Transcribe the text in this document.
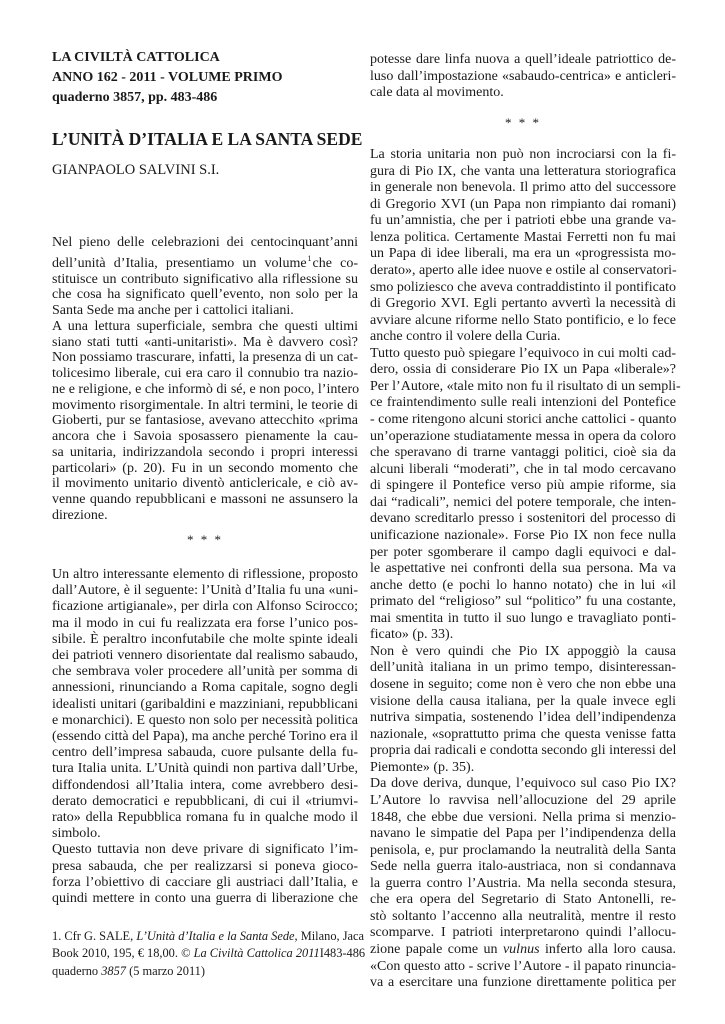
LA CIVILTÀ CATTOLICA
ANNO 162 - 2011 - VOLUME PRIMO
quaderno 3857, pp. 483-486
L’UNITÀ D’ITALIA E LA SANTA SEDE
GIANPAOLO SALVINI S.I.
Nel pieno delle celebrazioni dei centocinquant’anni
dell’unità d’Italia, presentiamo un volume$^1$che co-
stituisce un contributo significativo alla riflessione su
che cosa ha significato quell’evento, non solo per la
Santa Sede ma anche per i cattolici italiani.
A una lettura superficiale, sembra che questi ultimi
siano stati tutti «anti-unitaristi». Ma è davvero così?
Non possiamo trascurare, infatti, la presenza di un cat-
tolicesimo liberale, cui era caro il connubio tra nazio-
ne e religione, e che informò di sé, e non poco, l’intero
movimento risorgimentale. In altri termini, le teorie di
Gioberti, pur se fantasiose, avevano attecchito «prima
ancora che i Savoia sposassero pienamente la cau-
sa unitaria, indirizzandola secondo i propri interessi
particolari» (p. 20). Fu in un secondo momento che
il movimento unitario diventò anticlericale, e ciò av-
venne quando repubblicani e massoni ne assunsero la
direzione.
* * *
Un altro interessante elemento di riflessione, proposto
dall’Autore, è il seguente: l’Unità d’Italia fu una «uni-
ficazione artigianale», per dirla con Alfonso Scirocco;
ma il modo in cui fu realizzata era forse l’unico pos-
sibile. È peraltro inconfutabile che molte spinte ideali
dei patrioti vennero disorientate dal realismo sabaudo,
che sembrava voler procedere all’unità per somma di
annessioni, rinunciando a Roma capitale, sogno degli
idealisti unitari (garibaldini e mazziniani, repubblicani
e monarchici). E questo non solo per necessità politica
(essendo città del Papa), ma anche perché Torino era il
centro dell’impresa sabauda, cuore pulsante della fu-
tura Italia unita. L’Unità quindi non partiva dall’Urbe,
diffondendosi all’Italia intera, come avrebbero desi-
derato democratici e repubblicani, di cui il «triumvi-
rato» della Repubblica romana fu in qualche modo il
simbolo.
Questo tuttavia non deve privare di significato l’im-
presa sabauda, che per realizzarsi si poneva gioco-
forza l’obiettivo di cacciare gli austriaci dall’Italia, e
quindi mettere in conto una guerra di liberazione che
1. Cfr G. SALE, L’Unità d’Italia e la Santa Sede, Milano, Jaca
Book 2010, 195, € 18,00. © La Civiltà Cattolica 2011I483-486
quaderno 3857 (5 marzo 2011)
potesse dare linfa nuova a quell’ideale patriottico de-
luso dall’impostazione «sabaudo-centrica» e anticleri-
cale data al movimento.
* * *
La storia unitaria non può non incrociarsi con la fi-
gura di Pio IX, che vanta una letteratura storiografica
in generale non benevola. Il primo atto del successore
di Gregorio XVI (un Papa non rimpianto dai romani)
fu un’amnistia, che per i patrioti ebbe una grande va-
lenza politica. Certamente Mastai Ferretti non fu mai
un Papa di idee liberali, ma era un «progressista mo-
derato», aperto alle idee nuove e ostile al conservatori-
smo poliziesco che aveva contraddistinto il pontificato
di Gregorio XVI. Egli pertanto avvertì la necessità di
avviare alcune riforme nello Stato pontificio, e lo fece
anche contro il volere della Curia.
Tutto questo può spiegare l’equivoco in cui molti cad-
dero, ossia di considerare Pio IX un Papa «liberale»?
Per l’Autore, «tale mito non fu il risultato di un sempli-
ce fraintendimento sulle reali intenzioni del Pontefice
- come ritengono alcuni storici anche cattolici - quanto
un’operazione studiatamente messa in opera da coloro
che speravano di trarne vantaggi politici, cioè sia da
alcuni liberali “moderati”, che in tal modo cercavano
di spingere il Pontefice verso più ampie riforme, sia
dai “radicali”, nemici del potere temporale, che inten-
devano screditarlo presso i sostenitori del processo di
unificazione nazionale». Forse Pio IX non fece nulla
per poter sgomberare il campo dagli equivoci e dal-
le aspettative nei confronti della sua persona. Ma va
anche detto (e pochi lo hanno notato) che in lui «il
primato del “religioso” sul “politico” fu una costante,
mai smentita in tutto il suo lungo e travagliato ponti-
ficato» (p. 33).
Non è vero quindi che Pio IX appoggiò la causa
dell’unità italiana in un primo tempo, disinteressan-
dosene in seguito; come non è vero che non ebbe una
visione della causa italiana, per la quale invece egli
nutriva simpatia, sostenendo l’idea dell’indipendenza
nazionale, «soprattutto prima che questa venisse fatta
propria dai radicali e condotta secondo gli interessi del
Piemonte» (p. 35).
Da dove deriva, dunque, l’equivoco sul caso Pio IX?
L’Autore lo ravvisa nell’allocuzione del 29 aprile
1848, che ebbe due versioni. Nella prima si menzio-
navano le simpatie del Papa per l’indipendenza della
penisola, e, pur proclamando la neutralità della Santa
Sede nella guerra italo-austriaca, non si condannava
la guerra contro l’Austria. Ma nella seconda stesura,
che era opera del Segretario di Stato Antonelli, re-
stò soltanto l’accenno alla neutralità, mentre il resto
scomparve. I patrioti interpretarono quindi l’allocu-
zione papale come un vulnus inferto alla loro causa.
«Con questo atto - scrive l’Autore - il papato rinuncia-
va a esercitare una funzione direttamente politica per
